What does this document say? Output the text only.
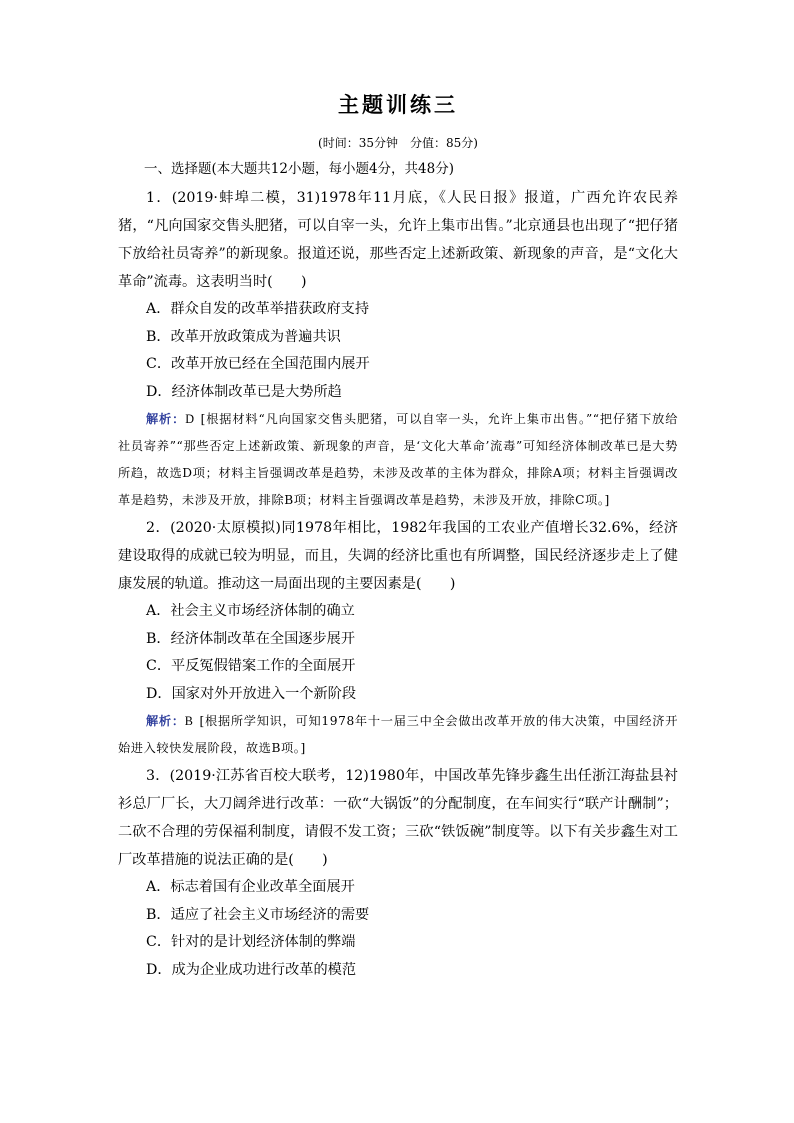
主题训练三
(时间：35分钟　分值：85分)
一、选择题(本大题共12小题，每小题4分，共48分)
1．(2019·蚌埠二模，31)1978年11月底，《人民日报》报道，广西允许农民养猪，“凡向国家交售头肥猪，可以自宰一头，允许上集市出售。”北京通县也出现了“把仔猪下放给社员寄养”的新现象。报道还说，那些否定上述新政策、新现象的声音，是“文化大革命”流毒。这表明当时(　　)
A．群众自发的改革举措获政府支持
B．改革开放政策成为普遍共识
C．改革开放已经在全国范围内展开
D．经济体制改革已是大势所趋
解析：D [根据材料“凡向国家交售头肥猪，可以自宰一头，允许上集市出售。”“把仔猪下放给社员寄养”“那些否定上述新政策、新现象的声音，是‘文化大革命’流毒”可知经济体制改革已是大势所趋，故选D项；材料主旨强调改革是趋势，未涉及改革的主体为群众，排除A项；材料主旨强调改革是趋势，未涉及开放，排除B项；材料主旨强调改革是趋势，未涉及开放，排除C项。]
2．(2020·太原模拟)同1978年相比，1982年我国的工农业产值增长32.6%，经济建设取得的成就已较为明显，而且，失调的经济比重也有所调整，国民经济逐步走上了健康发展的轨道。推动这一局面出现的主要因素是(　　)
A．社会主义市场经济体制的确立
B．经济体制改革在全国逐步展开
C．平反冤假错案工作的全面展开
D．国家对外开放进入一个新阶段
解析：B [根据所学知识，可知1978年十一届三中全会做出改革开放的伟大决策，中国经济开始进入较快发展阶段，故选B项。]
3．(2019·江苏省百校大联考，12)1980年，中国改革先锋步鑫生出任浙江海盐县衬衫总厂厂长，大刀阔斧进行改革：一砍“大锅饭”的分配制度，在车间实行“联产计酬制”；二砍不合理的劳保福利制度，请假不发工资；三砍“铁饭碗”制度等。以下有关步鑫生对工厂改革措施的说法正确的是(　　)
A．标志着国有企业改革全面展开
B．适应了社会主义市场经济的需要
C．针对的是计划经济体制的弊端
D．成为企业成功进行改革的模范
